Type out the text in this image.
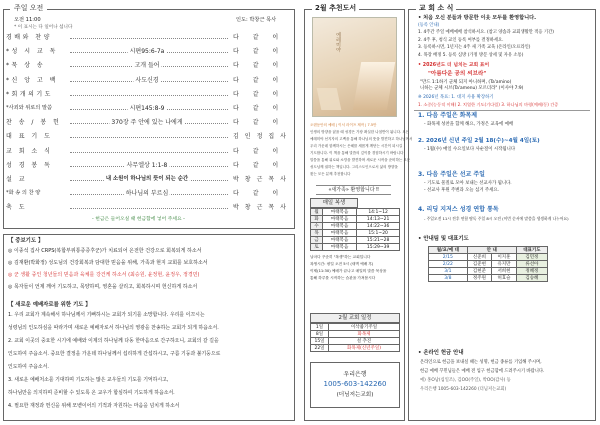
주일 오전
오전 11:00	인도: 박창근 목사
* 이 표시는 다 일어나 섭니다
경배와 찬양	다 같 이
*성 시 교 독	시편95:6-7a	다 같 이
*묵 상 송	고개 들어	다 같 이
*신 앙 고 백	사도신경	다 같 이
*회개의기도	다 같 이
*사죄와 위로의 말씀	시편145:8-9	다 같 이
찬 송 / 봉 헌	370장 주 안에 있는 나에게	다 같 이
대 표 기 도	김인정집사
교 회 소 식	다 같 이
성 경 봉 독	사무엘상 1:1-8	다 같 이
설 교	내 소원이 하나님의 뜻이 되는 순간	박창근목사
*화 송 의 찬 양	하나님의 부르심	다 같 이
축 도	박창근목사
- 헌금은 들어오실 때 헌금함에 넣어 주세요 -
【 중보기도 】
◎ 이종석 집사 CRPS(복합부위통증증후군)가 치료되어 온전한 건강으로 회복되게 하소서
◎ 김재환(박화정) 성도님의 건강회복과 담대한 믿음을 위해, 가족과 현지 교회를 보호하소서
◎ 군 생활 중인 청년들의 믿음과 육체를 강건케 하소서 (최승원, 윤정현, 윤정우, 정경민)
◎ 목자들이 언제 깨어 기도하고, 목양하며, 영혼을 살리고, 회복하시며 헌신하게 하소서
【 새로운 예배자로를 위한 기도 】
1. 우리 교회가 계속해서 하나님께서 기뻐하시는 교회가 되기를 소망합니다. 우리를 이끄시는
성령님의 인도하심을 따라가며 새로운 예배자로서 하나님의 영광을 찬송하는 교회가 되게 하옵소서.
2. 교회 이곳의 중요한 시기에 예배와 이제의 하나님께 다동 한마음으로 간구하오니, 교회의 갈 길을
인도하여 주옵소서. 중요한 결정을 가운데 하나님께서 섭리하게 간섭하시고, 구름 기둥과 불기둥으로
인도하여 주옵소서.
3. 새로운 예배처소를 기대하며 기도하는 많은 교우들의 기도를 기억하시고,
하나님만을 의지하며 준비할 수 있도록 온 교우가 합심하여 기도하게 하옵소서.
4. 필요한 재정과 헌신을 위해 모벧이어의 기적과 자원하는 마음을 넘치게 하소서
2월 추천도서
예레미야
오랜동안의 예배 | 이서 라이프 제작 | 7.5만
인생의 방향을 잃을 때 성경은 가장 확실한 나침반이 됩니다. 모든
예레미야 선지자의 고백을 통해 하나님의 뜻을 발견하고 하나님께서
우리 가운데 함께하시는 은혜를 새롭게 깨닫는 시간이 되시길
기도합니다. 이 책을 통해 말씀의 깊이를 경험하시기 바랍니다
말씀을 통해 위로와 소망을 발견하며 새로운 시작을 준비하는 모든
성도님께 권하는 책입니다. 그리스도인으로서 삶의 방향을
찾는 모든 분께 추천합니다
«새가족» 환영합니다 ‼
매일 복생
월	마태복음	14:1~12
화	마태복음	14:13~21
수	마태복음	14:22~36
목	마태복음	15:1~20
금	마태복음	15:21~28
토	마태복음	15:29~39
날마다 꾸준히 "복생"하는 교회입니다
복생시간: 평일 오전 5시 (새벽 예배 후)
이제(11:30) 예배가 끝나고 매일의 말씀 묵상을
통해 하루를 시작하는 습관을 가져봅시다
2월 교회 일정
1일	이삭줍기주일
8일	화목제
15일	설 추진
22일	화목제(신년주일)
우리은행
1005-603-142260
(더님저는교회)
교 회 소 식
• 처음 오신 분들과 방문한 이웃 모두를 환영합니다.
(등록 안내)
1. 4주간 주일 예배예배 참석하셔요. (참고 양솜과 교회생활만 적응 기간)
2. 4주 후, 청식 교인 등록 여부를 결정하세요.
3. 등록하시면, 1년지는 4주 새 가족 교육 (온라인/오프라인)
4. 목장 배정 5. 등록 심방 (가정 방문 상세 및 자유 소통)
• 2026년도 더 넘치는 교회 표어
"아름다운 공의 씨브라"
"만드 1:1하기 군체 되지 아니하며, (Ta'amino)
니하는 군체 시브(Ta'amenu) 모르더라" (이사야 7:9)
※ 2026년 목표: 1. 대지 사용 확장하기
1. 소중(능동적 이해) 2. 치열한 기도(기다림) 3. 하나님의 마령(예배/동) 간증
1. 다음 주일은 화목제
- 화목제 성찬을 함께 해요, 가정은 교육에 예배
2. 2026년 신년 주일 2월 18(수)~4월 4일(토)
- 1월(수) 매일 수요일보다 사순절이 시작됩니다
3. 다음 주일은 선교 주일
- 기도로 물질로 모아 보내는 선교사가 됩니다.
- 선교사 후원 주변과 오늘 섬겨 주세요.
4. 리딩 지저스 성경 연합 통독
- 주일오전 11시 전후 연합 탐독 주일 8시 오전 (이번 순서에 말씀을 생생하게 나누어요)
• 안내팀 및 대표기도
월/요/예 대	안 내		대표기도
2/15	신준희	이지훈	김민정
2/22	김준현	유지만	류선아
3/1	김현준	서희현	정혜정
3/8	정주원	허효슬	김승혜
• 온라인 헌금 안내
온라인으로 헌금을 보내실 때는 성명, 헌금 종류를 기입해 주시며,
헌금 예배 꾸민님들은 예배 전 입구 헌금함에 드려주시기 바랍니다.
예) 홍O남(십일조), 김OO(주일), 박OO(감사) 등
우리은행 1005-603-142260 (더님저는교회)
